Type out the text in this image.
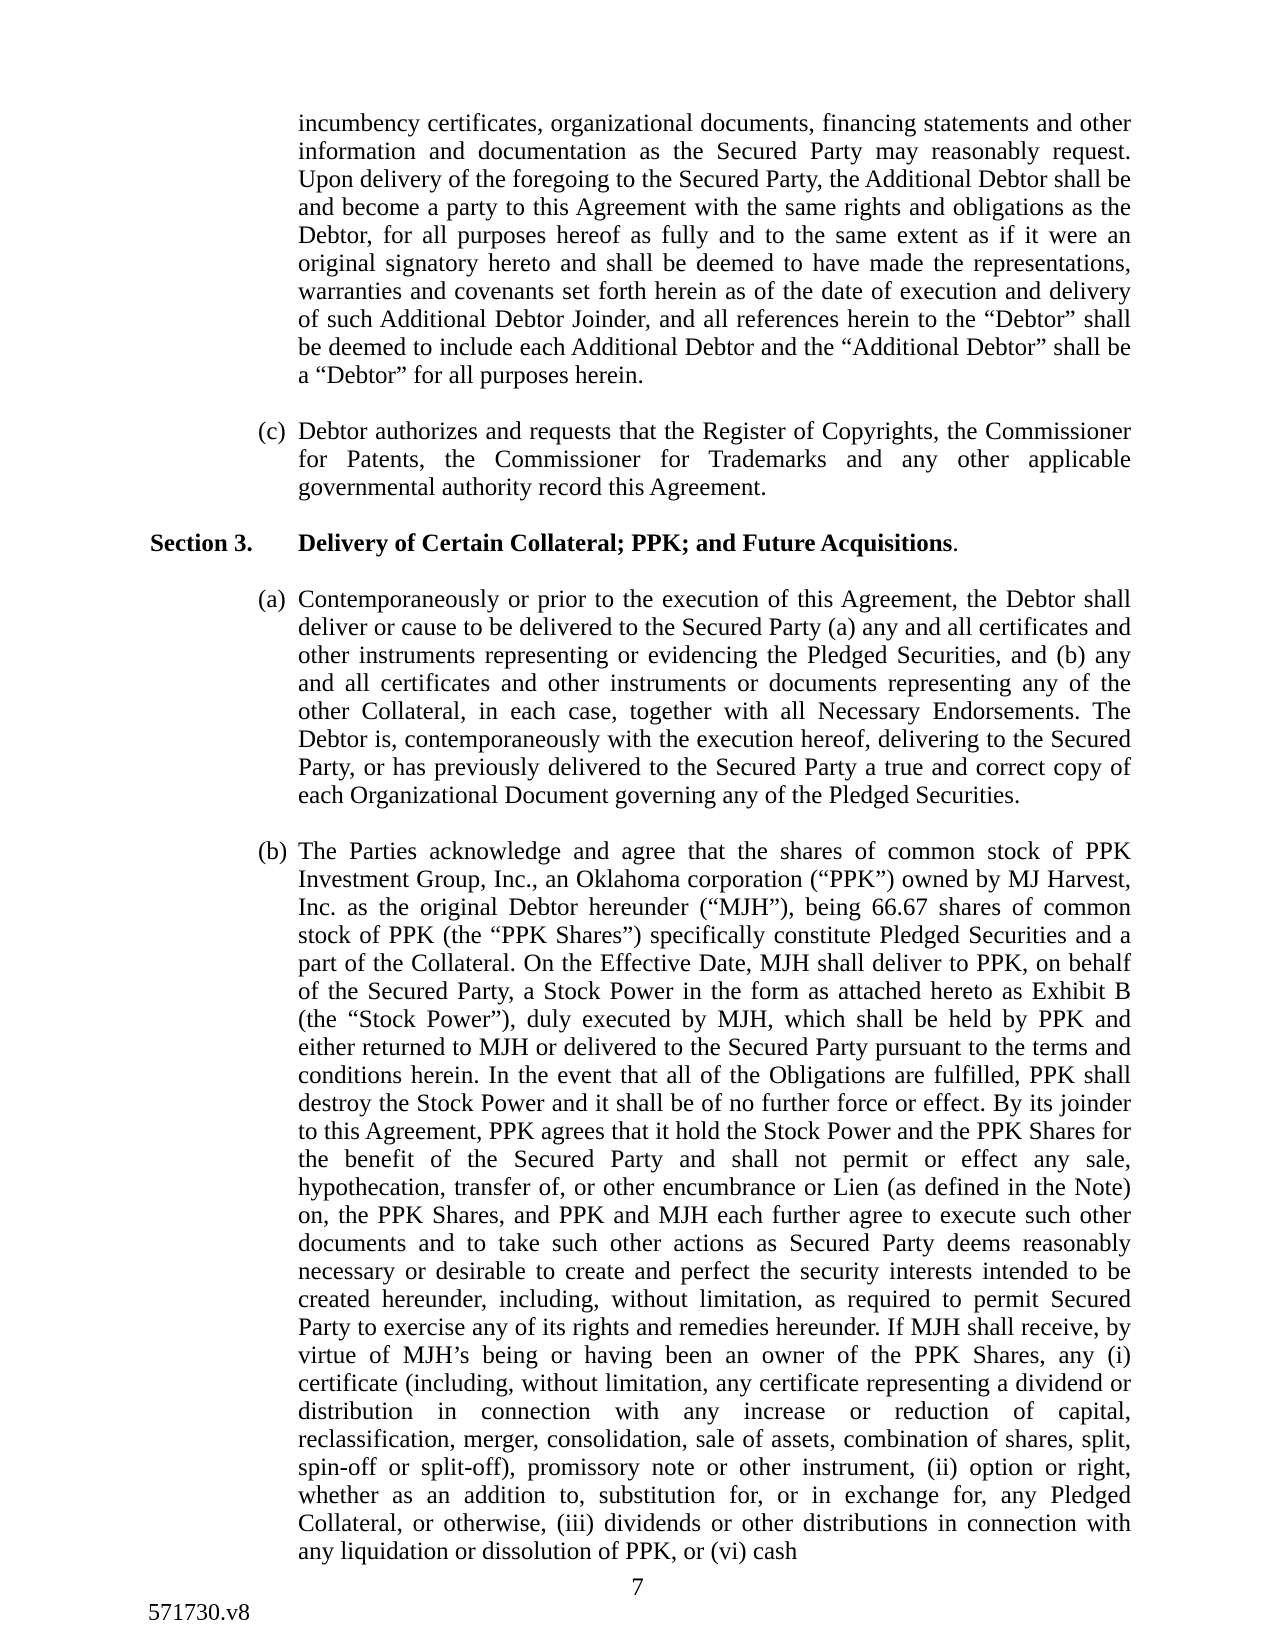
incumbency certificates, organizational documents, financing statements and other information and documentation as the Secured Party may reasonably request. Upon delivery of the foregoing to the Secured Party, the Additional Debtor shall be and become a party to this Agreement with the same rights and obligations as the Debtor, for all purposes hereof as fully and to the same extent as if it were an original signatory hereto and shall be deemed to have made the representations, warranties and covenants set forth herein as of the date of execution and delivery of such Additional Debtor Joinder, and all references herein to the “Debtor” shall be deemed to include each Additional Debtor and the “Additional Debtor” shall be a “Debtor” for all purposes herein.

(c) Debtor authorizes and requests that the Register of Copyrights, the Commissioner for Patents, the Commissioner for Trademarks and any other applicable governmental authority record this Agreement.
Section 3. Delivery of Certain Collateral; PPK; and Future Acquisitions.
(a) Contemporaneously or prior to the execution of this Agreement, the Debtor shall deliver or cause to be delivered to the Secured Party (a) any and all certificates and other instruments representing or evidencing the Pledged Securities, and (b) any and all certificates and other instruments or documents representing any of the other Collateral, in each case, together with all Necessary Endorsements. The Debtor is, contemporaneously with the execution hereof, delivering to the Secured Party, or has previously delivered to the Secured Party a true and correct copy of each Organizational Document governing any of the Pledged Securities.
(b) The Parties acknowledge and agree that the shares of common stock of PPK Investment Group, Inc., an Oklahoma corporation (“PPK”) owned by MJ Harvest, Inc. as the original Debtor hereunder (“MJH”), being 66.67 shares of common stock of PPK (the “PPK Shares”) specifically constitute Pledged Securities and a part of the Collateral. On the Effective Date, MJH shall deliver to PPK, on behalf of the Secured Party, a Stock Power in the form as attached hereto as Exhibit B (the “Stock Power”), duly executed by MJH, which shall be held by PPK and either returned to MJH or delivered to the Secured Party pursuant to the terms and conditions herein. In the event that all of the Obligations are fulfilled, PPK shall destroy the Stock Power and it shall be of no further force or effect. By its joinder to this Agreement, PPK agrees that it hold the Stock Power and the PPK Shares for the benefit of the Secured Party and shall not permit or effect any sale, hypothecation, transfer of, or other encumbrance or Lien (as defined in the Note) on, the PPK Shares, and PPK and MJH each further agree to execute such other documents and to take such other actions as Secured Party deems reasonably necessary or desirable to create and perfect the security interests intended to be created hereunder, including, without limitation, as required to permit Secured Party to exercise any of its rights and remedies hereunder. If MJH shall receive, by virtue of MJH’s being or having been an owner of the PPK Shares, any (i) certificate (including, without limitation, any certificate representing a dividend or distribution in connection with any increase or reduction of capital, reclassification, merger, consolidation, sale of assets, combination of shares, split, spin-off or split-off), promissory note or other instrument, (ii) option or right, whether as an addition to, substitution for, or in exchange for, any Pledged Collateral, or otherwise, (iii) dividends or other distributions in connection with any liquidation or dissolution of PPK, or (vi) cash
7
571730.v8
